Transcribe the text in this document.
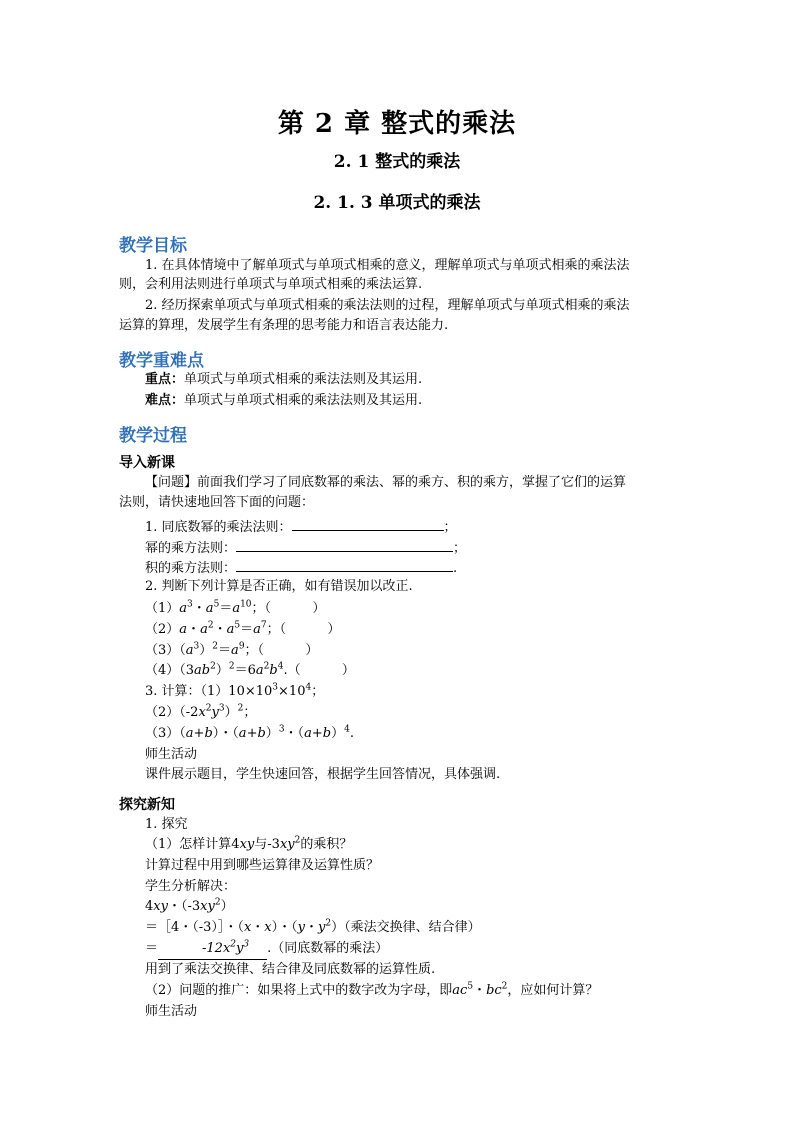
第 2 章 整式的乘法
2. 1 整式的乘法
2. 1. 3 单项式的乘法
教学目标
1. 在具体情境中了解单项式与单项式相乘的意义，理解单项式与单项式相乘的乘法法
则，会利用法则进行单项式与单项式相乘的乘法运算.
2. 经历探索单项式与单项式相乘的乘法法则的过程，理解单项式与单项式相乘的乘法
运算的算理，发展学生有条理的思考能力和语言表达能力.
教学重难点
重点：单项式与单项式相乘的乘法法则及其运用.
难点：单项式与单项式相乘的乘法法则及其运用.
教学过程
导入新课
【问题】前面我们学习了同底数幂的乘法、幂的乘方、积的乘方，掌握了它们的运算
法则，请快速地回答下面的问题：
1. 同底数幂的乘法法则：	；
幂的乘方法则：	；
积的乘方法则：	.
2. 判断下列计算是否正确，如有错误加以改正.
$(1)a^3$・$a^5=a^{10}$；（          ）
（2）a・$a^2$・$a^5=a^7$；（          ）
$(3)(a^3)^2=a^9$；（          ）
$(4)(3ab^2)^2=6a^2b^4$.（          ）
3. 计算：$(1)10\times 10^3\times 10^4$；
$(2)(-2x^2y^3)^2$；
（3）（a+b）・$(a+b)^3$・$(a+b)^4$.
师生活动
课件展示题目，学生快速回答，根据学生回答情况，具体强调.
探究新知
1. 探究
（1）怎样计算4xy与$-3xy^2$的乘积？
计算过程中用到哪些运算律及运算性质？
学生分析解决：
4xy・$(-3xy^2)$
＝［4・（-3）］・（x・x）・（y・$y^2$）（乘法交换律、结合律）
＝	$-12x^2y^3$ .（同底数幂的乘法）
用到了乘法交换律、结合律及同底数幂的运算性质.
（2）问题的推广：如果将上式中的数字改为字母，即$ac^5$・$bc^2$，应如何计算？
师生活动
